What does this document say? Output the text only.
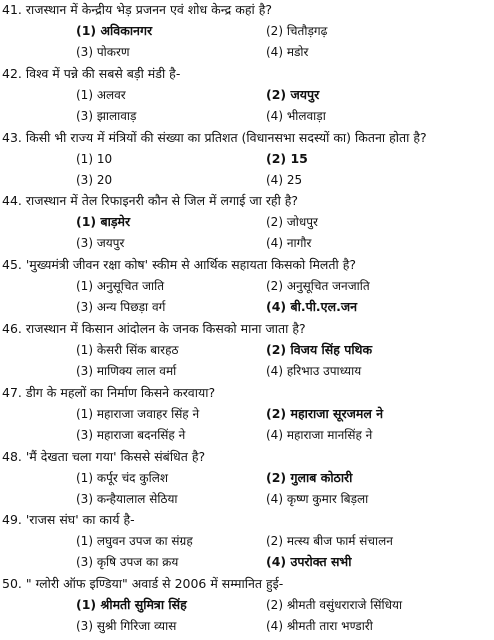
41. राजस्थान में केन्द्रीय भेड़ प्रजनन एवं शोध केन्द्र कहां है?
(1) अविकानगर	(2) चितौड़गढ़
(3) पोकरण	(4) मडोर
42. विश्व में पन्ने की सबसे बड़ी मंडी है-
(1) अलवर	(2) जयपुर
(3) झालावाड़	(4) भीलवाड़ा
43. किसी भी राज्य में मंत्रियों की संख्या का प्रतिशत (विधानसभा सदस्यों का) कितना होता है?
(1) 10	(2) 15
(3) 20	(4) 25
44. राजस्थान में तेल रिफाइनरी कौन से जिल में लगाई जा रही है?
(1) बाड़मेर	(2) जोधपुर
(3) जयपुर	(4) नागौर
45. 'मुख्यमंत्री जीवन रक्षा कोष' स्कीम से आर्थिक सहायता किसको मिलती है?
(1) अनुसूचित जाति	(2) अनुसूचित जनजाति
(3) अन्य पिछड़ा वर्ग	(4) बी.पी.एल.जन
46. राजस्थान में किसान आंदोलन के जनक किसको माना जाता है?
(1) केसरी सिंक बारहठ	(2) विजय सिंह पथिक
(3) माणिक्य लाल वर्मा	(4) हरिभाउ उपाध्याय
47. डीग के महलों का निर्माण किसने करवाया?
(1) महाराजा जवाहर सिंह ने	(2) महाराजा सूरजमल ने
(3) महाराजा बदनसिंह ने	(4) महाराजा मानसिंह ने
48. 'मैं देखता चला गया' किससे संबंधित है?
(1) कर्पूर चंद कुलिश	(2) गुलाब कोठारी
(3) कन्हैयालाल सेठिया	(4) कृष्ण कुमार बिड़ला
49. 'राजस संघ' का कार्य है-
(1) लघुवन उपज का संग्रह	(2) मत्स्य बीज फार्म संचालन
(3) कृषि उपज का क्रय	(4) उपरोक्त सभी
50. " ग्लोरी ऑफ इण्डिया" अवार्ड से 2006 में सम्मानित हुई-
(1) श्रीमती सुमित्रा सिंह	(2) श्रीमती वसुंधराराजे सिंधिया
(3) सुश्री गिरिजा व्यास	(4) श्रीमती तारा भण्डारी
